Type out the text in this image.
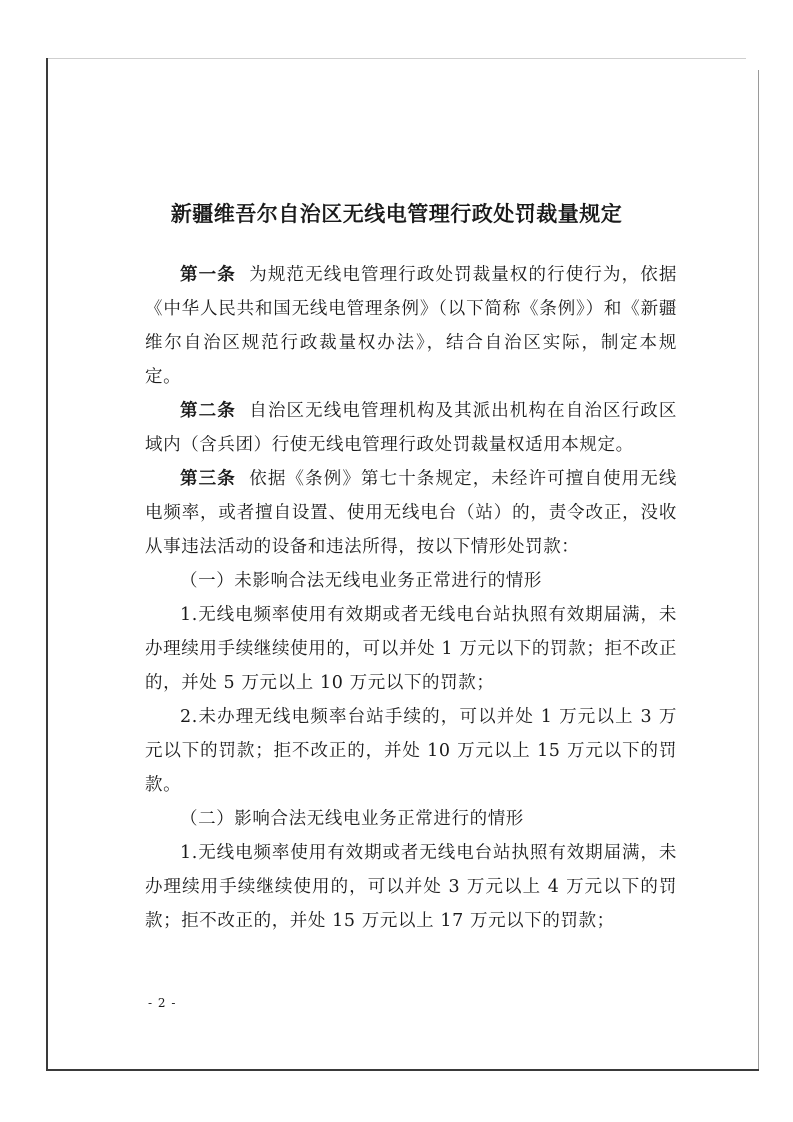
新疆维吾尔自治区无线电管理行政处罚裁量规定

第一条 为规范无线电管理行政处罚裁量权的行使行为，依据《中华人民共和国无线电管理条例》（以下简称《条例》）和《新疆维尔自治区规范行政裁量权办法》，结合自治区实际，制定本规定。

第二条 自治区无线电管理机构及其派出机构在自治区行政区域内（含兵团）行使无线电管理行政处罚裁量权适用本规定。

第三条 依据《条例》第七十条规定，未经许可擅自使用无线电频率，或者擅自设置、使用无线电台（站）的，责令改正，没收从事违法活动的设备和违法所得，按以下情形处罚款：

（一）未影响合法无线电业务正常进行的情形

1.无线电频率使用有效期或者无线电台站执照有效期届满，未办理续用手续继续使用的，可以并处 1 万元以下的罚款；拒不改正的，并处 5 万元以上 10 万元以下的罚款；

2.未办理无线电频率台站手续的，可以并处 1 万元以上 3 万元以下的罚款；拒不改正的，并处 10 万元以上 15 万元以下的罚款。

（二）影响合法无线电业务正常进行的情形

1.无线电频率使用有效期或者无线电台站执照有效期届满，未办理续用手续继续使用的，可以并处 3 万元以上 4 万元以下的罚款；拒不改正的，并处 15 万元以上 17 万元以下的罚款；

- 2 -
